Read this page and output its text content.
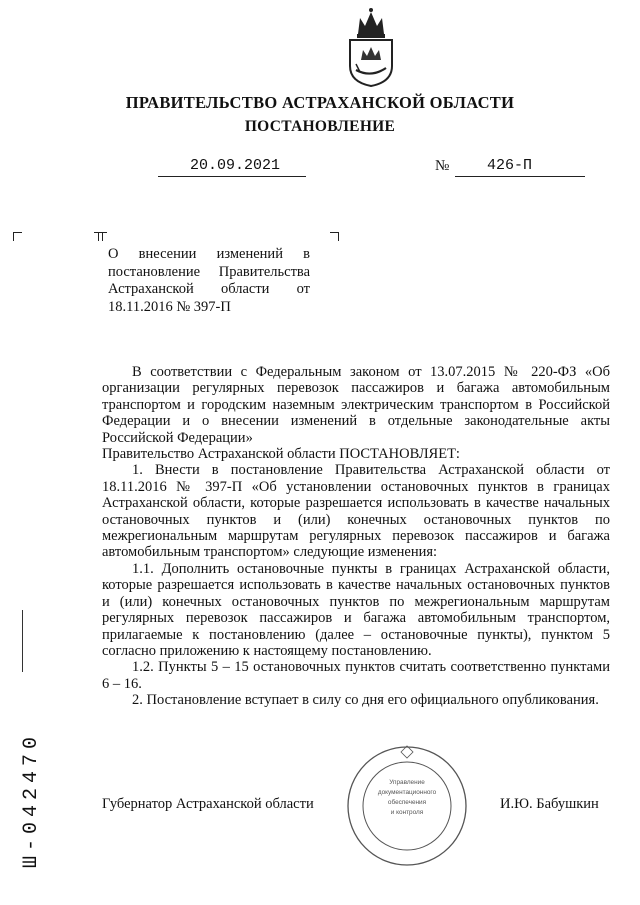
ПРАВИТЕЛЬСТВО АСТРАХАНСКОЙ ОБЛАСТИ
ПОСТАНОВЛЕНИЕ
20.09.2021	№	426-П
О внесении изменений в постановление Правительства Астраханской области от 18.11.2016 № 397-П

В соответствии с Федеральным законом от 13.07.2015 № 220-ФЗ «Об организации регулярных перевозок пассажиров и багажа автомобильным транспортом и городским наземным электрическим транспортом в Российской Федерации и о внесении изменений в отдельные законодательные акты Российской Федерации»

Правительство Астраханской области ПОСТАНОВЛЯЕТ:

1. Внести в постановление Правительства Астраханской области от 18.11.2016 № 397-П «Об установлении остановочных пунктов в границах Астраханской области, которые разрешается использовать в качестве начальных остановочных пунктов и (или) конечных остановочных пунктов по межрегиональным маршрутам регулярных перевозок пассажиров и багажа автомобильным транспортом» следующие изменения:

1.1. Дополнить остановочные пункты в границах Астраханской области, которые разрешается использовать в качестве начальных остановочных пунктов и (или) конечных остановочных пунктов по межрегиональным маршрутам регулярных перевозок пассажиров и багажа автомобильным транспортом, прилагаемые к постановлению (далее – остановочные пункты), пунктом 5 согласно приложению к настоящему постановлению.

1.2. Пункты 5 – 15 остановочных пунктов считать соответственно пунктами 6 – 16.

2. Постановление вступает в силу со дня его официального опубликования.

Губернатор Астраханской области	И.Ю. Бабушкин
Управление
документационного
обеспечения
и контроля
Ш-042470
